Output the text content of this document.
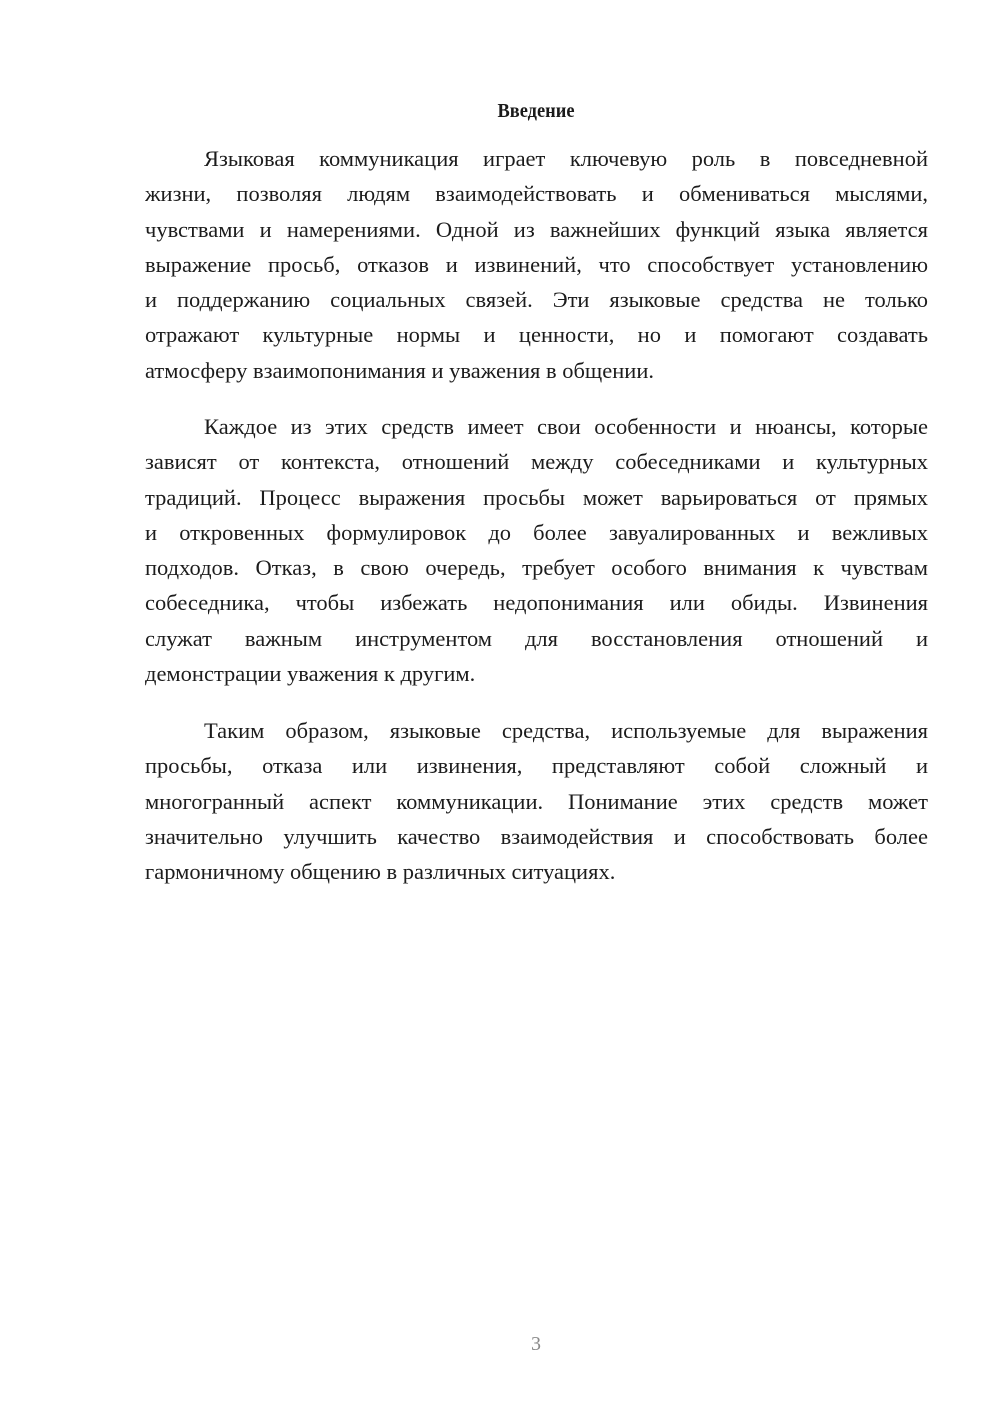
Введение
Языковая коммуникация играет ключевую роль в повседневной
жизни, позволяя людям взаимодействовать и обмениваться мыслями,
чувствами и намерениями. Одной из важнейших функций языка является
выражение просьб, отказов и извинений, что способствует установлению
и поддержанию социальных связей. Эти языковые средства не только
отражают культурные нормы и ценности, но и помогают создавать
атмосферу взаимопонимания и уважения в общении.
Каждое из этих средств имеет свои особенности и нюансы, которые
зависят от контекста, отношений между собеседниками и культурных
традиций. Процесс выражения просьбы может варьироваться от прямых
и откровенных формулировок до более завуалированных и вежливых
подходов. Отказ, в свою очередь, требует особого внимания к чувствам
собеседника, чтобы избежать недопонимания или обиды. Извинения
служат важным инструментом для восстановления отношений и
демонстрации уважения к другим.
Таким образом, языковые средства, используемые для выражения
просьбы, отказа или извинения, представляют собой сложный и
многогранный аспект коммуникации. Понимание этих средств может
значительно улучшить качество взаимодействия и способствовать более
гармоничному общению в различных ситуациях.
3
